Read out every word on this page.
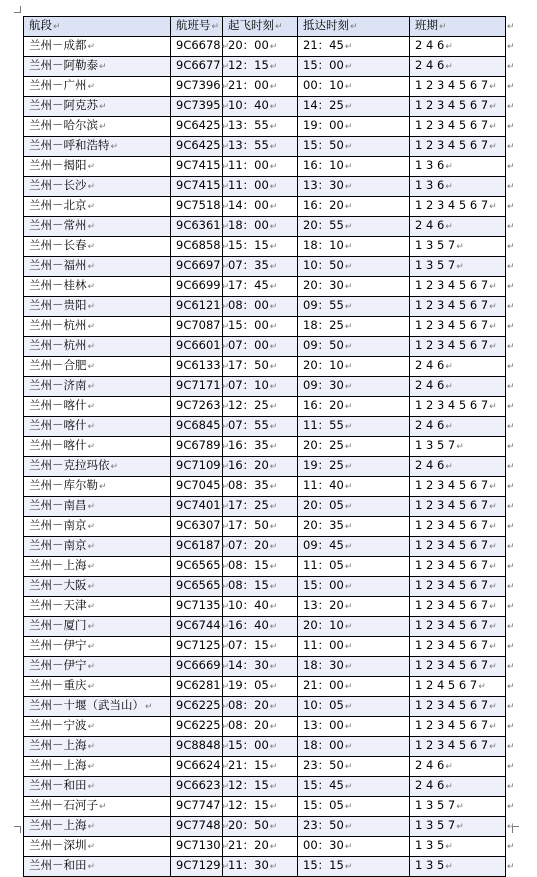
航段↵	航班号↵	起飞时刻↵	抵达时刻↵	班期↵
兰州－成都↵	9C6678↵	20：00↵	21：45↵	2 4 6↵
兰州－阿勒泰↵	9C6677↵	12：15↵	15：00↵	2 4 6↵
兰州－广州↵	9C7396↵	21：00↵	00：10↵	1 2 3 4 5 6 7↵
兰州－阿克苏↵	9C7395↵	10：40↵	14：25↵	1 2 3 4 5 6 7↵
兰州－哈尔滨↵	9C6425↵	13：55↵	19：00↵	1 2 3 4 5 6 7↵
兰州－呼和浩特↵	9C6425↵	13：55↵	15：50↵	1 2 3 4 5 6 7↵
兰州－揭阳↵	9C7415↵	11：00↵	16：10↵	1 3 6↵
兰州－长沙↵	9C7415↵	11：00↵	13：30↵	1 3 6↵
兰州－北京↵	9C7518↵	14：00↵	16：20↵	1 2 3 4 5 6 7↵
兰州－常州↵	9C6361↵	18：00↵	20：55↵	2 4 6↵
兰州－长春↵	9C6858↵	15：15↵	18：10↵	1 3 5 7↵
兰州－福州↵	9C6697↵	07：35↵	10：50↵	1 3 5 7↵
兰州－桂林↵	9C6699↵	17：45↵	20：30↵	1 2 3 4 5 6 7↵
兰州－贵阳↵	9C6121↵	08：00↵	09：55↵	1 2 3 4 5 6 7↵
兰州－杭州↵	9C7087↵	15：00↵	18：25↵	1 2 3 4 5 6 7↵
兰州－杭州↵	9C6601↵	07：00↵	09：50↵	1 2 3 4 5 6 7↵
兰州－合肥↵	9C6133↵	17：50↵	20：10↵	2 4 6↵
兰州－济南↵	9C7171↵	07：10↵	09：30↵	2 4 6↵
兰州－喀什↵	9C7263↵	12：25↵	16：20↵	1 2 3 4 5 6 7↵
兰州－喀什↵	9C6845↵	07：55↵	11：55↵	2 4 6↵
兰州－喀什↵	9C6789↵	16：35↵	20：25↵	1 3 5 7↵
兰州－克拉玛依↵	9C7109↵	16：20↵	19：25↵	2 4 6↵
兰州－库尔勒↵	9C7045↵	08：35↵	11：40↵	1 2 3 4 5 6 7↵
兰州－南昌↵	9C7401↵	17：25↵	20：05↵	1 2 3 4 5 6 7↵
兰州－南京↵	9C6307↵	17：50↵	20：35↵	1 2 3 4 5 6 7↵
兰州－南京↵	9C6187↵	07：20↵	09：45↵	1 2 3 4 5 6 7↵
兰州－上海↵	9C6565↵	08：15↵	11：05↵	1 2 3 4 5 6 7↵
兰州－大阪↵	9C6565↵	08：15↵	15：00↵	1 2 3 4 5 6 7↵
兰州－天津↵	9C7135↵	10：40↵	13：20↵	1 2 3 4 5 6 7↵
兰州－厦门↵	9C6744↵	16：40↵	20：10↵	1 2 3 4 5 6 7↵
兰州－伊宁↵	9C7125↵	07：15↵	11：00↵	1 2 3 4 5 6 7↵
兰州－伊宁↵	9C6669↵	14：30↵	18：30↵	1 2 3 4 5 6 7↵
兰州－重庆↵	9C6281↵	19：05↵	21：00↵	1 2 4 5 6 7↵
兰州－十堰（武当山）↵	9C6225↵	08：20↵	10：05↵	1 2 3 4 5 6 7↵
兰州－宁波↵	9C6225↵	08：20↵	13：00↵	1 2 3 4 5 6 7↵
兰州－上海↵	9C8848↵	15：00↵	18：00↵	1 2 3 4 5 6 7↵
兰州－上海↵	9C6624↵	21：15↵	23：50↵	2 4 6↵
兰州－和田↵	9C6623↵	12：15↵	15：45↵	2 4 6↵
兰州－石河子↵	9C7747↵	12：15↵	15：05↵	1 3 5 7↵
兰州－上海↵	9C7748↵	20：50↵	23：50↵	1 3 5 7↵
兰州－深圳↵	9C7130↵	21：20↵	00：30↵	1 3 5↵
兰州－和田↵	9C7129↵	11：30↵	15：15↵	1 3 5↵
↵
↵
↵
↵
↵
↵
↵
↵
↵
↵
↵
↵
↵
↵
↵
↵
↵
↵
↵
↵
↵
↵
↵
↵
↵
↵
↵
↵
↵
↵
↵
↵
↵
↵
↵
↵
↵
↵
↵
↵
↵
↵
↵
